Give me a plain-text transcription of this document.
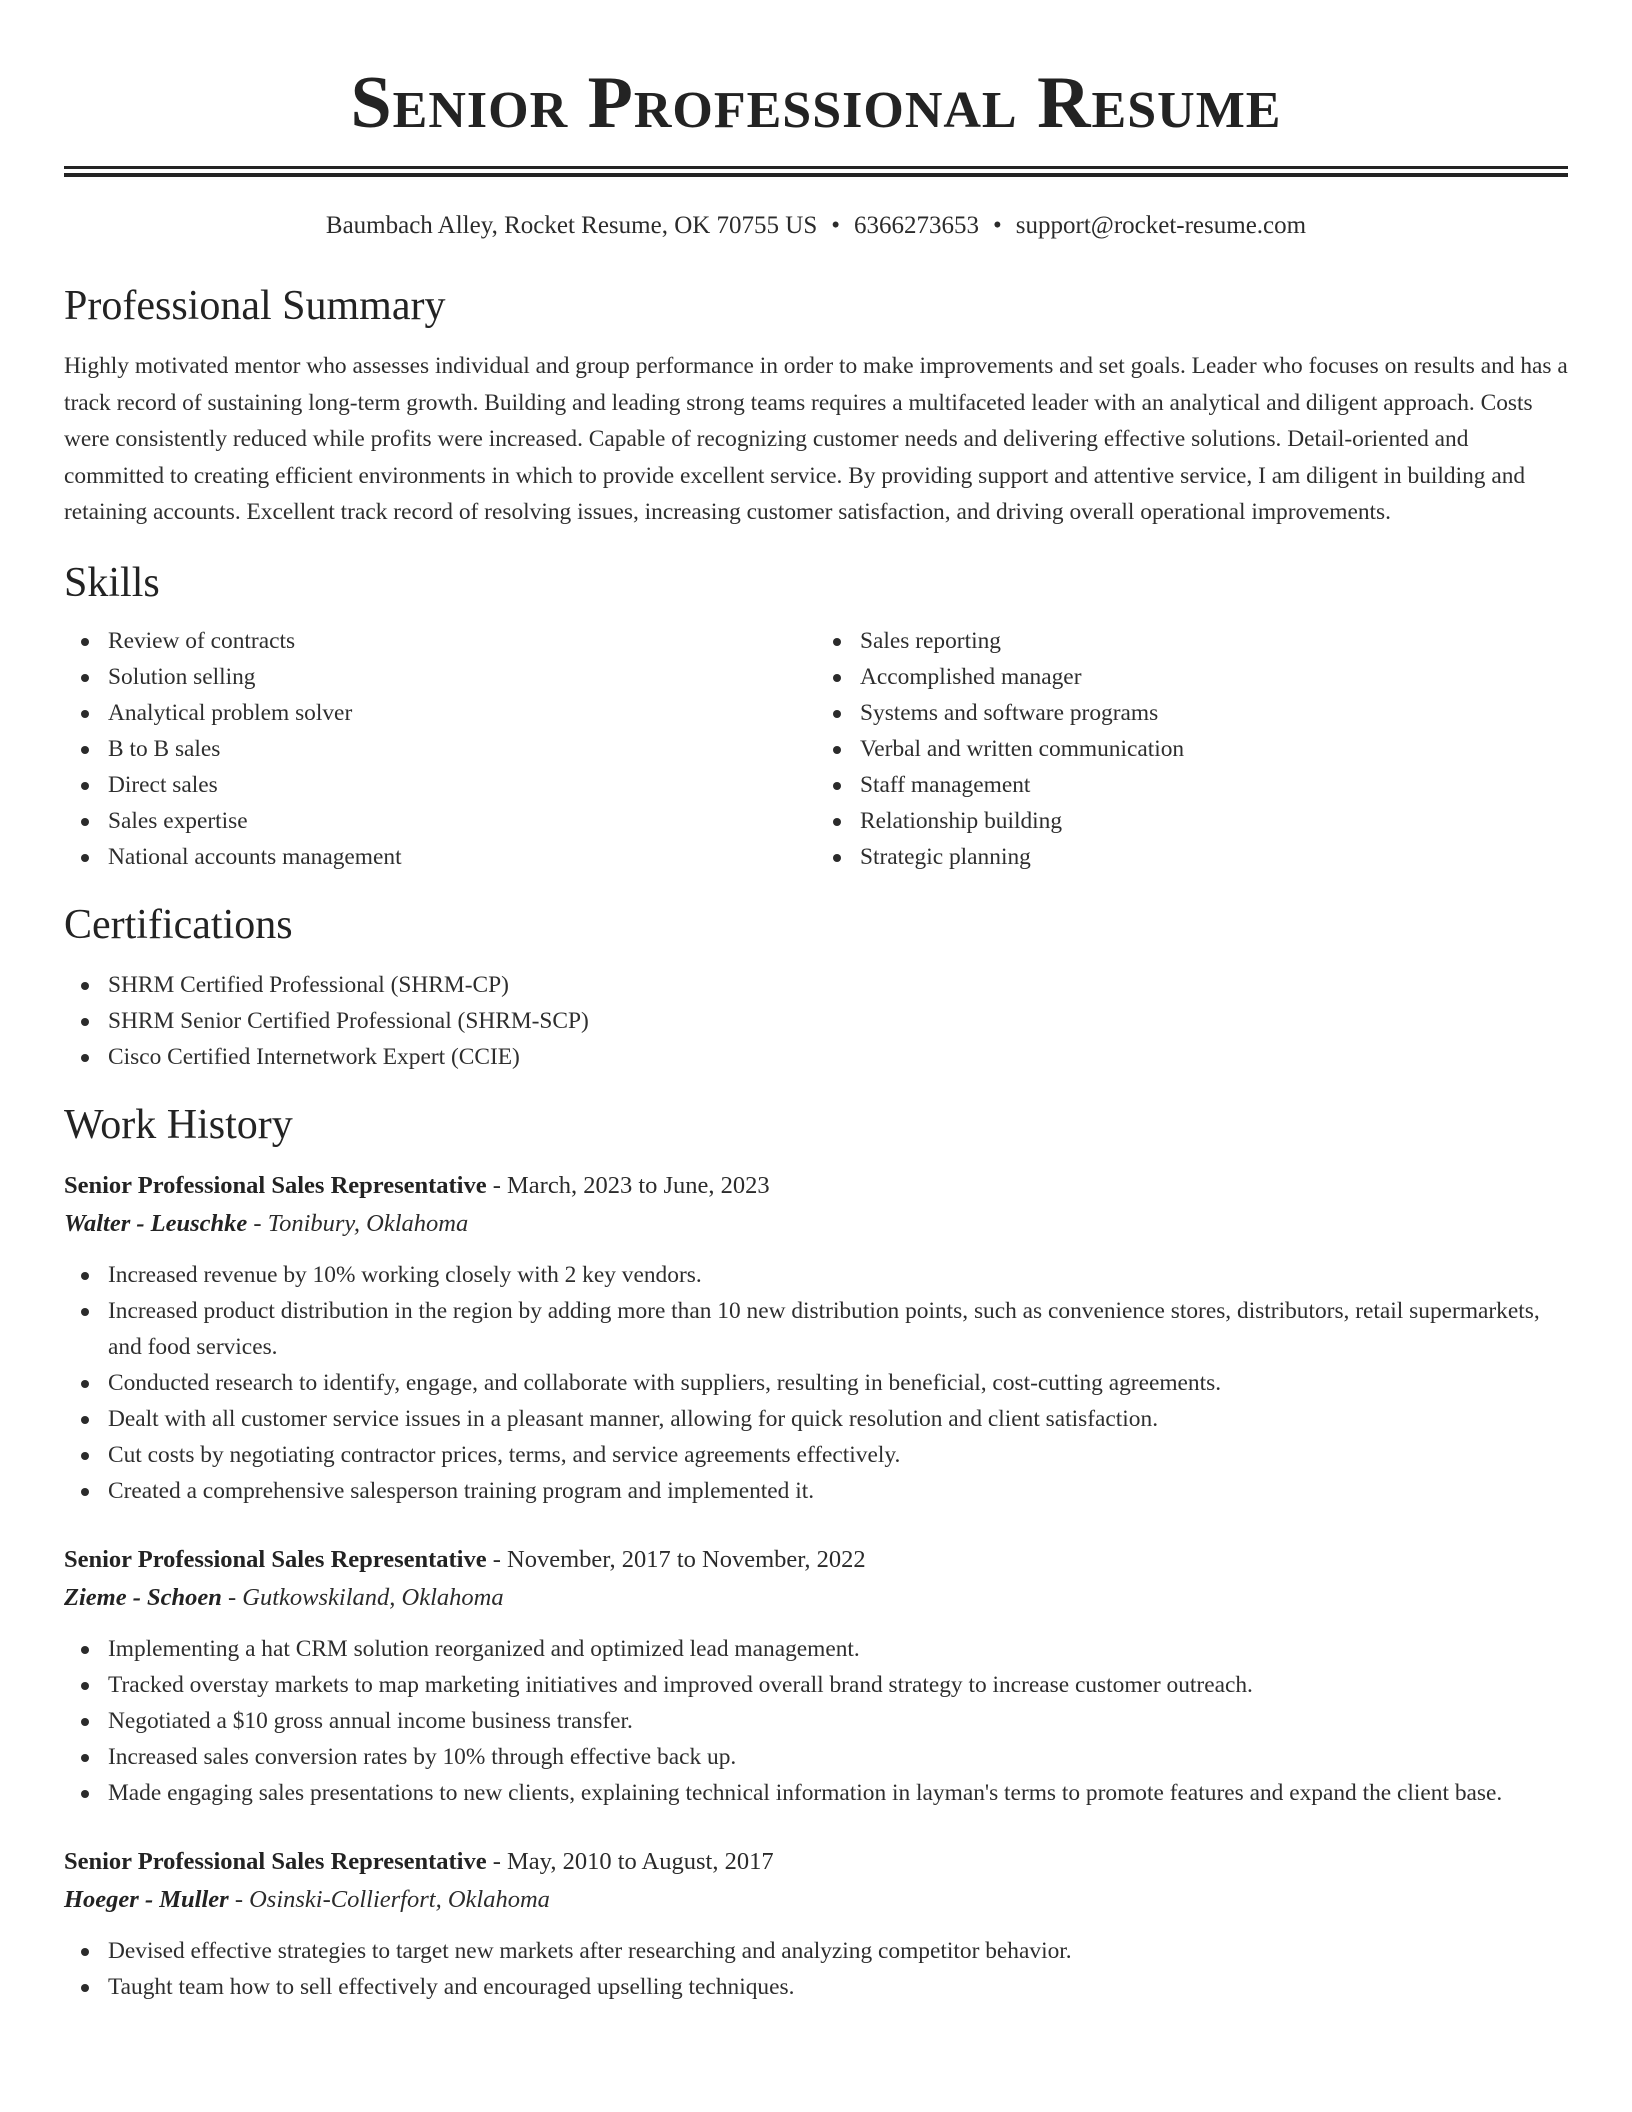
Senior Professional Resume
Baumbach Alley, Rocket Resume, OK 70755 US • 6366273653 • support@rocket-resume.com
Professional Summary

Highly motivated mentor who assesses individual and group performance in order to make improvements and set goals. Leader who focuses on results and has a track record of sustaining long-term growth. Building and leading strong teams requires a multifaceted leader with an analytical and diligent approach. Costs were consistently reduced while profits were increased. Capable of recognizing customer needs and delivering effective solutions. Detail-oriented and committed to creating efficient environments in which to provide excellent service. By providing support and attentive service, I am diligent in building and retaining accounts. Excellent track record of resolving issues, increasing customer satisfaction, and driving overall operational improvements.

Skills
Review of contracts
Solution selling
Analytical problem solver
B to B sales
Direct sales
Sales expertise
National accounts management
Sales reporting
Accomplished manager
Systems and software programs
Verbal and written communication
Staff management
Relationship building
Strategic planning
Certifications
SHRM Certified Professional (SHRM-CP)
SHRM Senior Certified Professional (SHRM-SCP)
Cisco Certified Internetwork Expert (CCIE)
Work History
Senior Professional Sales Representative - March, 2023 to June, 2023
Walter - Leuschke - Tonibury, Oklahoma
Increased revenue by 10% working closely with 2 key vendors.
Increased product distribution in the region by adding more than 10 new distribution points, such as convenience stores, distributors, retail supermarkets, and food services.
Conducted research to identify, engage, and collaborate with suppliers, resulting in beneficial, cost-cutting agreements.
Dealt with all customer service issues in a pleasant manner, allowing for quick resolution and client satisfaction.
Cut costs by negotiating contractor prices, terms, and service agreements effectively.
Created a comprehensive salesperson training program and implemented it.
Senior Professional Sales Representative - November, 2017 to November, 2022
Zieme - Schoen - Gutkowskiland, Oklahoma
Implementing a hat CRM solution reorganized and optimized lead management.
Tracked overstay markets to map marketing initiatives and improved overall brand strategy to increase customer outreach.
Negotiated a $10 gross annual income business transfer.
Increased sales conversion rates by 10% through effective back up.
Made engaging sales presentations to new clients, explaining technical information in layman's terms to promote features and expand the client base.
Senior Professional Sales Representative - May, 2010 to August, 2017
Hoeger - Muller - Osinski-Collierfort, Oklahoma
Devised effective strategies to target new markets after researching and analyzing competitor behavior.
Taught team how to sell effectively and encouraged upselling techniques.
